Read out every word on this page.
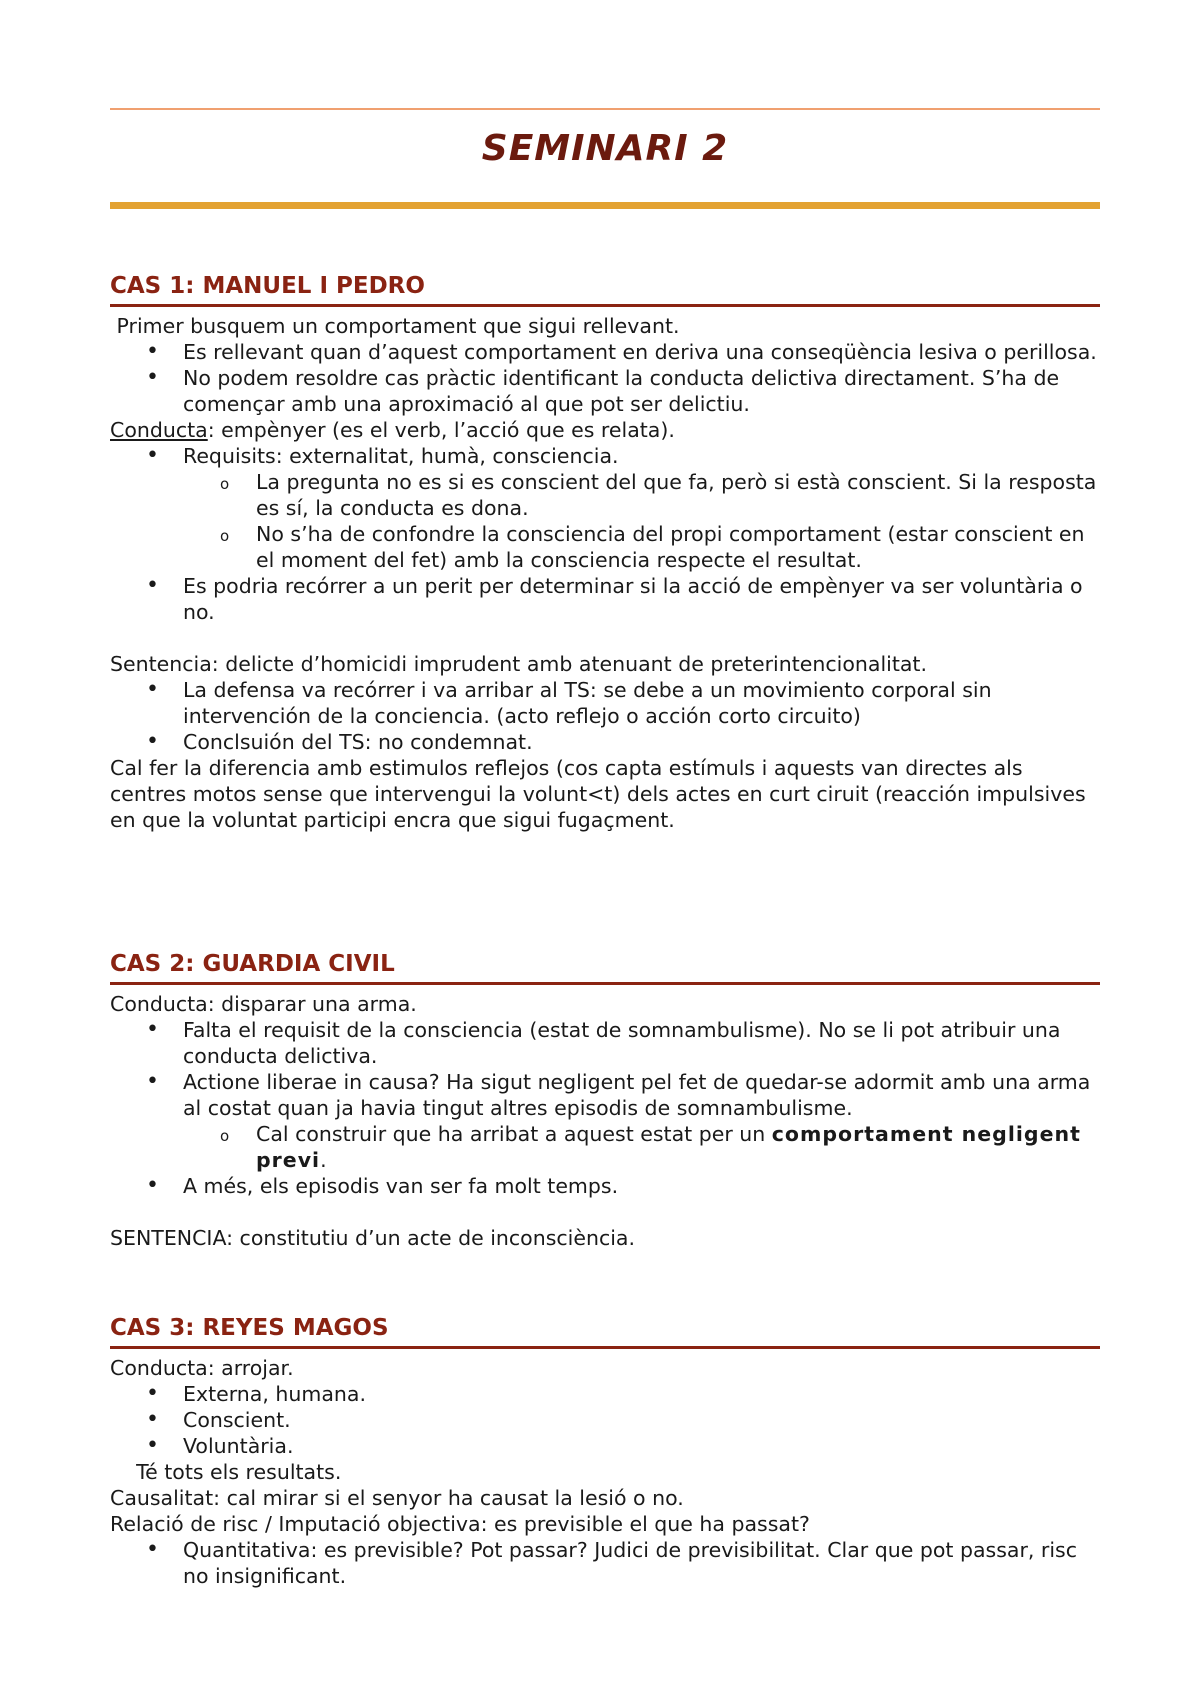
SEMINARI 2
CAS 1: MANUEL I PEDRO

Primer busquem un comportament que sigui rellevant.

• Es rellevant quan d’aquest comportament en deriva una conseqüència lesiva o perillosa.
• No podem resoldre cas pràctic identificant la conducta delictiva directament. S’ha de començar amb una aproximació al que pot ser delictiu.

Conducta: empènyer (es el verb, l’acció que es relata).

• Requisits: externalitat, humà, consciencia.
o La pregunta no es si es conscient del que fa, però si està conscient. Si la resposta es sí, la conducta es dona.
o No s’ha de confondre la consciencia del propi comportament (estar conscient en el moment del fet) amb la consciencia respecte el resultat.
• Es podria recórrer a un perit per determinar si la acció de empènyer va ser voluntària o no.

Sentencia: delicte d’homicidi imprudent amb atenuant de preterintencionalitat.

• La defensa va recórrer i va arribar al TS: se debe a un movimiento corporal sin intervención de la conciencia. (acto reflejo o acción corto circuito)
• Conclsuión del TS: no condemnat.

Cal fer la diferencia amb estimulos reflejos (cos capta estímuls i aquests van directes als centres motos sense que intervengui la volunt<t) dels actes en curt ciruit (reacción impulsives en que la voluntat participi encra que sigui fugaçment.

CAS 2: GUARDIA CIVIL

Conducta: disparar una arma.

• Falta el requisit de la consciencia (estat de somnambulisme). No se li pot atribuir una conducta delictiva.
• Actione liberae in causa? Ha sigut negligent pel fet de quedar-se adormit amb una arma al costat quan ja havia tingut altres episodis de somnambulisme.
o Cal construir que ha arribat a aquest estat per un comportament negligent previ.
• A més, els episodis van ser fa molt temps.

SENTENCIA: constitutiu d’un acte de inconsciència.

CAS 3: REYES MAGOS

Conducta: arrojar.

• Externa, humana.
• Conscient.
• Voluntària.

Té tots els resultats.

Causalitat: cal mirar si el senyor ha causat la lesió o no.

Relació de risc / Imputació objectiva: es previsible el que ha passat?

• Quantitativa: es previsible? Pot passar? Judici de previsibilitat. Clar que pot passar, risc no insignificant.
